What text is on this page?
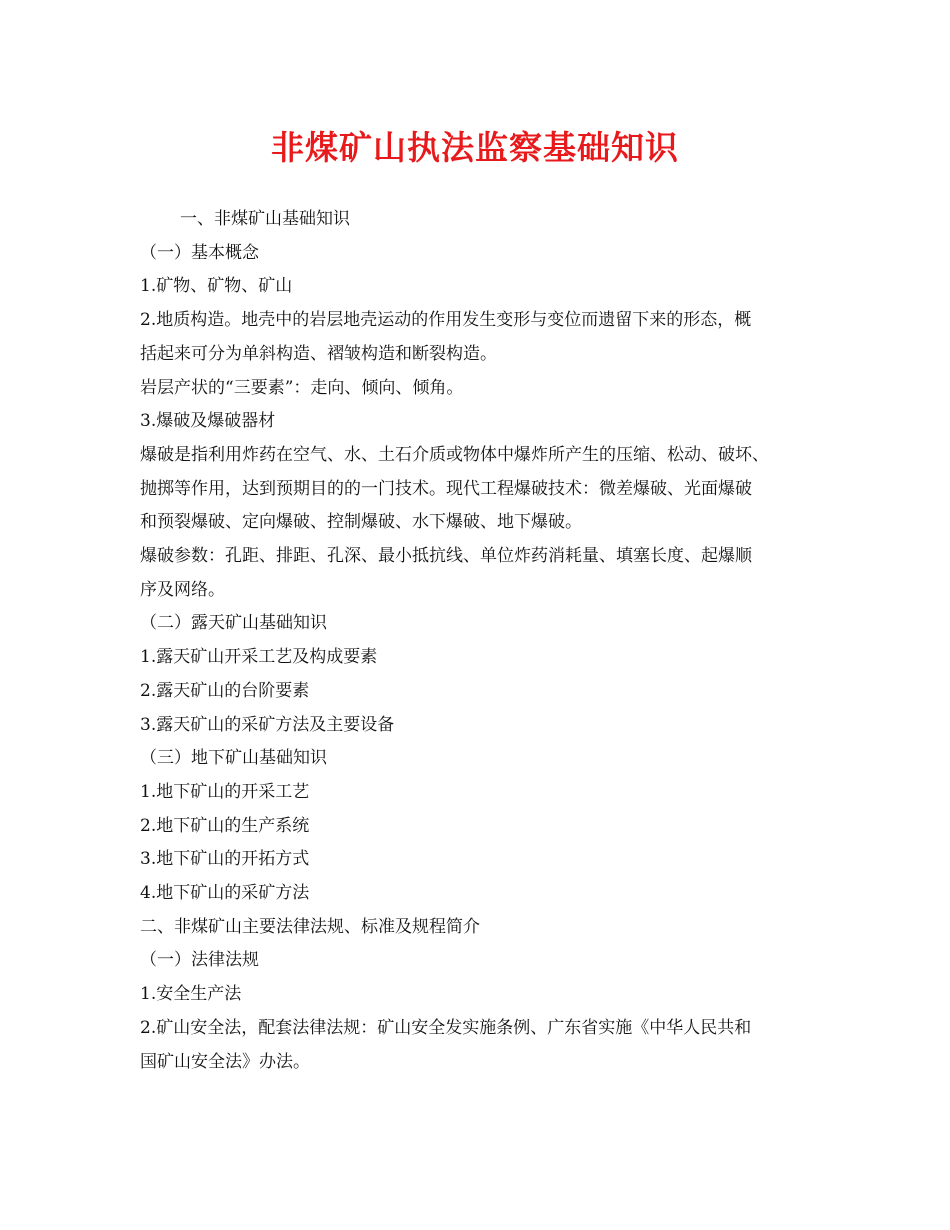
非煤矿山执法监察基础知识

一、非煤矿山基础知识

（一）基本概念

1.矿物、矿物、矿山

2.地质构造。地壳中的岩层地壳运动的作用发生变形与变位而遗留下来的形态，概

括起来可分为单斜构造、褶皱构造和断裂构造。

岩层产状的“三要素”：走向、倾向、倾角。

3.爆破及爆破器材

爆破是指利用炸药在空气、水、土石介质或物体中爆炸所产生的压缩、松动、破坏、

抛掷等作用，达到预期目的的一门技术。现代工程爆破技术：微差爆破、光面爆破

和预裂爆破、定向爆破、控制爆破、水下爆破、地下爆破。

爆破参数：孔距、排距、孔深、最小抵抗线、单位炸药消耗量、填塞长度、起爆顺

序及网络。

（二）露天矿山基础知识

1.露天矿山开采工艺及构成要素

2.露天矿山的台阶要素

3.露天矿山的采矿方法及主要设备

（三）地下矿山基础知识

1.地下矿山的开采工艺

2.地下矿山的生产系统

3.地下矿山的开拓方式

4.地下矿山的采矿方法

二、非煤矿山主要法律法规、标准及规程简介

（一）法律法规

1.安全生产法

2.矿山安全法，配套法律法规：矿山安全发实施条例、广东省实施《中华人民共和

国矿山安全法》办法。
